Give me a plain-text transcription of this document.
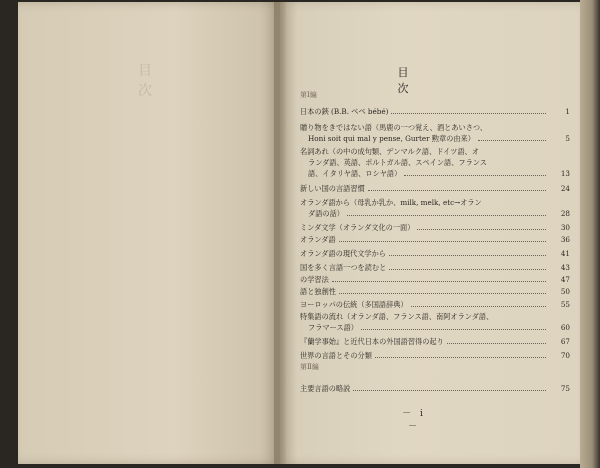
目　次
目　次
第Ⅰ編
日本の鋏 (B.B. べべ bébé)	1
贈り物をきではない語（馬鹿の一つ覚え、酒とあいさつ、
Honi soit qui mal y pense, Gurter 勲章の由来）	5
名詞あれ（の中の成句類、デンマルク語、ドイツ語、オ
ランダ語、英語、ポルトガル語、スペイン語、フランス
語、イタリヤ語、ロシヤ語）	13
新しい国の言語習慣	24
オランダ語から（母乳か乳か、milk, melk, etc→オラン
ダ語の話）	28
ミンダ文学（オランダ文化の一面）	30
オランダ語	36
オランダ語の現代文学から	41
国を多く言語一つを読むと	43
の学習法	47
語と独創性	50
ヨーロッパの伝統（多国語辞典）	55
特集語の流れ（オランダ語、フランス語、南阿オランダ語、
フラマース語）	60
『蘭学事始』と近代日本の外国語習得の起り	67
世界の言語とその分類	70
主要言語の略説	75
第Ⅱ編
－ i －
